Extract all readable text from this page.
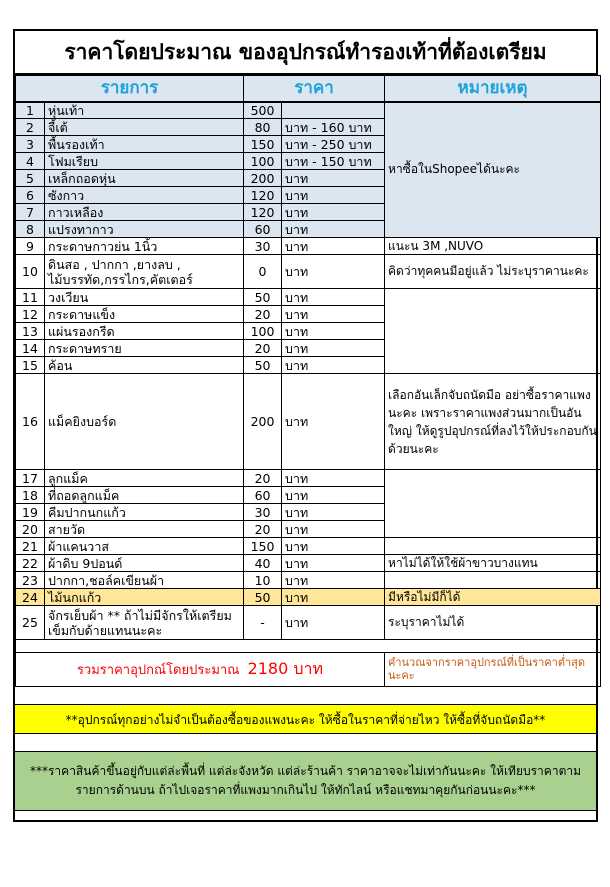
ราคาโดยประมาณ ของอุปกรณ์ทำรองเท้าที่ต้องเตรียม
รายการ		ราคา		หมายเหตุ
1	หุ่นเท้า	500		หาซื้อในShopeeได้นะคะ
2	จี้เต้	80	บาท - 160 บาท	
3	พื้นรองเท้า	150	บาท - 250 บาท	
4	โฟมเรียบ	100	บาท - 150 บาท	
5	เหล็กถอดหุ่น	200	บาท	
6	ซังกาว	120	บาท	
7	กาวเหลือง	120	บาท	
8	แปรงทากาว	60	บาท	
9	กระดาษกาวย่น 1นิ้ว	30	บาท	แนะน 3M ,NUVO
10	ดินสอ , ปากกา ,ยางลบ , ไม้บรรทัด,กรรไกร,คัตเตอร์	0	บาท	คิดว่าทุคคนมีอยู่แล้ว ไม่ระบุราคานะคะ
11	วงเวียน	50	บาท	
12	กระดาษแข็ง	20	บาท	
13	แผ่นรองกรีด	100	บาท	
14	กระดาษทราย	20	บาท	
15	ค้อน	50	บาท	
16	แม็คยิงบอร์ด	200	บาท	เลือกอันเล็กจับถนัดมือ อย่าซื้อราคาแพงนะคะ เพราะราคาแพงส่วนมากเป็นอันใหญ่ ให้ดูรูปอุปกรณ์ที่ลงไว้ให้ประกอบกันด้วยนะคะ
17	ลูกแม็ค	20	บาท	
18	ที่ถอดลูกแม็ค	60	บาท	
19	คีมปากนกแก้ว	30	บาท	
20	สายวัด	20	บาท	
21	ผ้าแคนวาส	150	บาท	
22	ผ้าดิบ 9ปอนด์	40	บาท	หาไม่ได้ให้ใช้ผ้าขาวบางแทน
23	ปากกา,ชอล์คเขียนผ้า	10	บาท	
24	ไม้นกแก้ว	50	บาท	มีหรือไม่มีก็ได้
25	จักรเย็บผ้า ** ถ้าไม่มีจักรให้เตรียมเข็มกับด้ายแทนนะคะ	-	บาท	ระบุราคาไม่ได้

รวมราคาอุปกณ์โดยประมาณ 2180 บาท	คำนวณจากราคาอุปกรณ์ที่เป็นราคาต่ำสุดนะคะ
**อุปกรณ์ทุกอย่างไม่จำเป็นต้องซื้อของแพงนะคะ ให้ซื้อในราคาที่จ่ายไหว ให้ซื้อที่จับถนัดมือ**
***ราคาสินค้าขึ้นอยู่กับแต่ล่ะพื้นที่ แต่ล่ะจังหวัด แต่ล่ะร้านค้า ราคาอาจจะไม่เท่ากันนะคะ ให้เทียบราคาตามรายการด้านบน ถ้าไปเจอราคาที่แพงมากเกินไป ให้ทักไลน์ หรือแชทมาคุยกันก่อนนะคะ***
